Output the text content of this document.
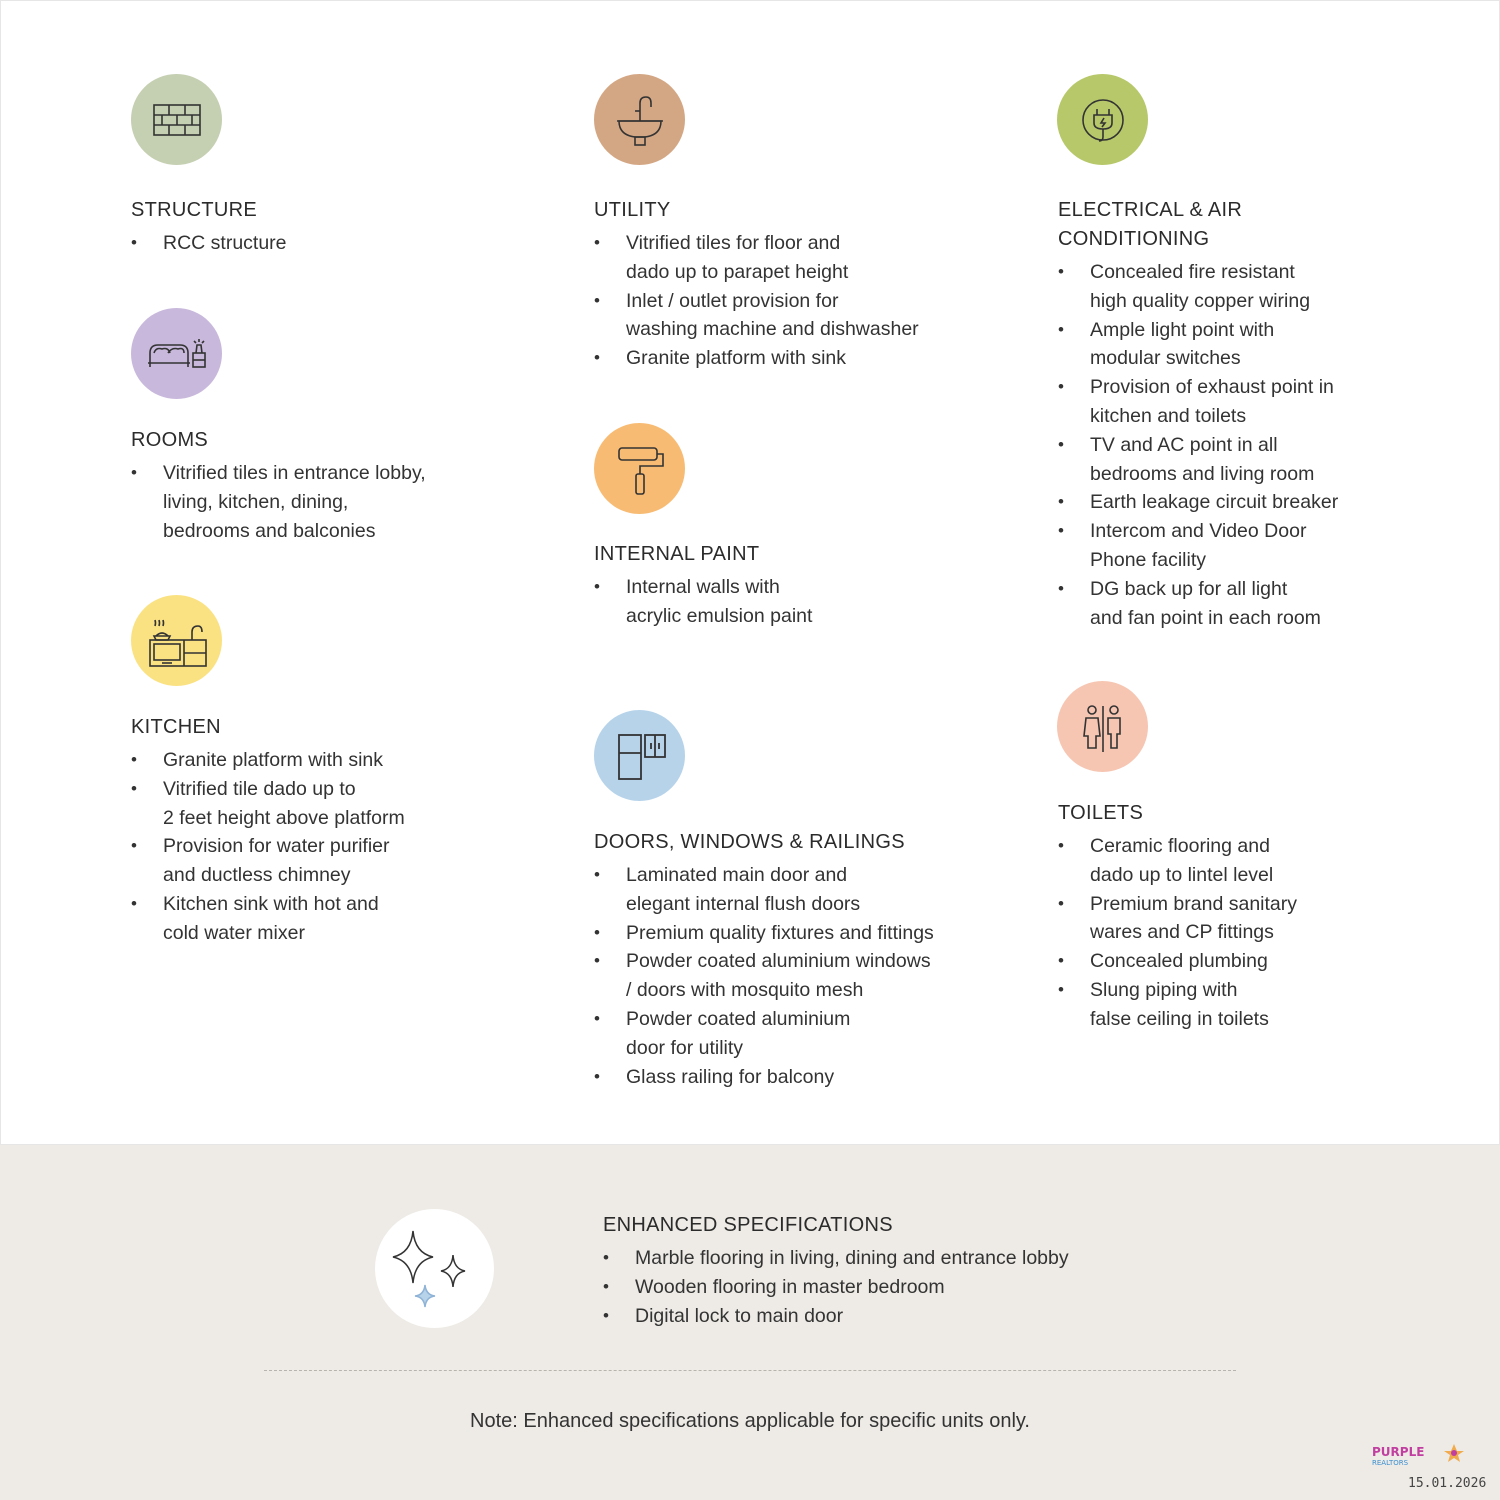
STRUCTURE
• RCC structure
ROOMS
• Vitrified tiles in entrance lobby,
living, kitchen, dining,
bedrooms and balconies
KITCHEN
• Granite platform with sink
• Vitrified tile dado up to
2 feet height above platform
• Provision for water purifier
and ductless chimney
• Kitchen sink with hot and
cold water mixer
UTILITY
• Vitrified tiles for floor and
dado up to parapet height
• Inlet / outlet provision for
washing machine and dishwasher
• Granite platform with sink
INTERNAL PAINT
• Internal walls with
acrylic emulsion paint
DOORS, WINDOWS & RAILINGS
• Laminated main door and
elegant internal flush doors
• Premium quality fixtures and fittings
• Powder coated aluminium windows
/ doors with mosquito mesh
• Powder coated aluminium
door for utility
• Glass railing for balcony
ELECTRICAL & AIR
CONDITIONING
• Concealed fire resistant
high quality copper wiring
• Ample light point with
modular switches
• Provision of exhaust point in
kitchen and toilets
• TV and AC point in all
bedrooms and living room
• Earth leakage circuit breaker
• Intercom and Video Door
Phone facility
• DG back up for all light
and fan point in each room
TOILETS
• Ceramic flooring and
dado up to lintel level
• Premium brand sanitary
wares and CP fittings
• Concealed plumbing
• Slung piping with
false ceiling in toilets
ENHANCED SPECIFICATIONS
• Marble flooring in living, dining and entrance lobby
• Wooden flooring in master bedroom
• Digital lock to main door
Note: Enhanced specifications applicable for specific units only.
PURPLE
REALTORS
15.01.2026
